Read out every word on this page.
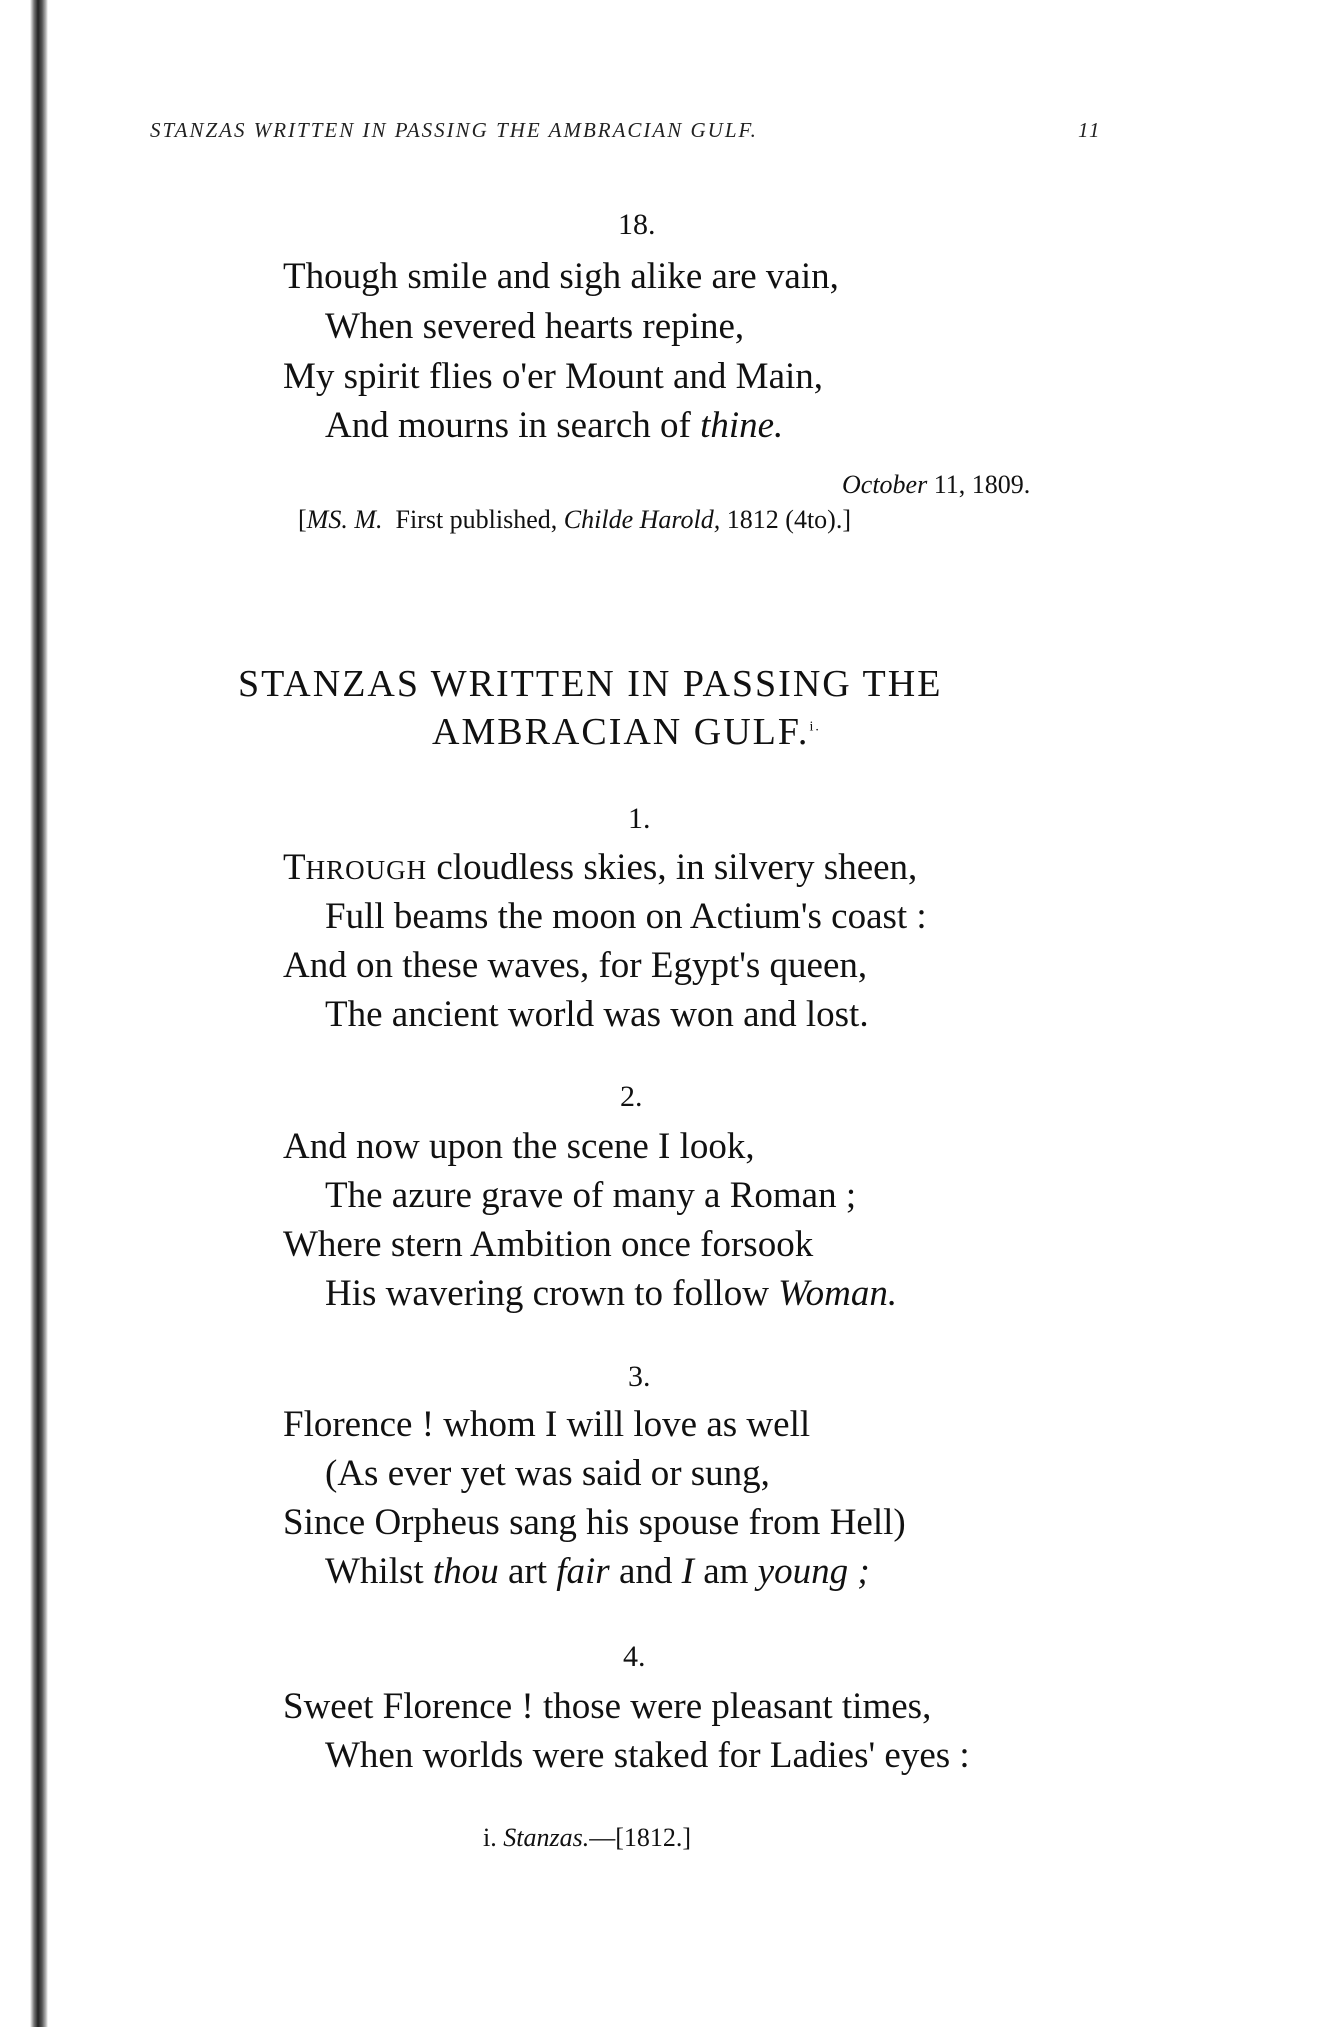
STANZAS WRITTEN IN PASSING THE AMBRACIAN GULF.	11

18.

Though smile and sigh alike are vain,

When severed hearts repine,

My spirit flies o'er Mount and Main,

And mourns in search of thine.

October 11, 1809.

[MS. M.  First published, Childe Harold, 1812 (4to).]

STANZAS WRITTEN IN PASSING THE

AMBRACIAN GULF.$^{i.}$

1.

THROUGH cloudless skies, in silvery sheen,

Full beams the moon on Actium's coast :

And on these waves, for Egypt's queen,

The ancient world was won and lost.

2.

And now upon the scene I look,

The azure grave of many a Roman ;

Where stern Ambition once forsook

His wavering crown to follow Woman.

3.

Florence ! whom I will love as well

(As ever yet was said or sung,

Since Orpheus sang his spouse from Hell)

Whilst thou art fair and I am young ;

4.

Sweet Florence ! those were pleasant times,

When worlds were staked for Ladies' eyes :

i. Stanzas.—[1812.]
